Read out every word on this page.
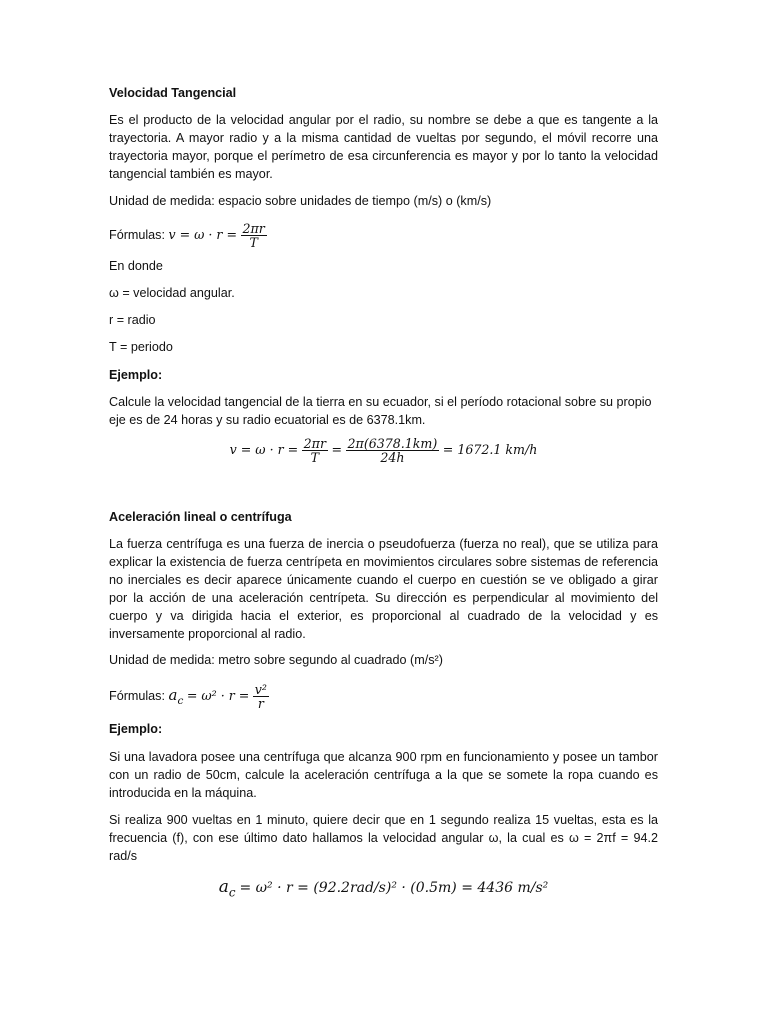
Velocidad Tangencial

Es el producto de la velocidad angular por el radio, su nombre se debe a que es tangente a la trayectoria. A mayor radio y a la misma cantidad de vueltas por segundo, el móvil recorre una trayectoria mayor, porque el perímetro de esa circunferencia es mayor y por lo tanto la velocidad tangencial también es mayor.

Unidad de medida: espacio sobre unidades de tiempo (m/s) o (km/s)

Fórmulas: $v = \omega \cdot r = \frac{2\pi r}{T}$

En donde

ω = velocidad angular.

r = radio

T = periodo

Ejemplo:

Calcule la velocidad tangencial de la tierra en su ecuador, si el período rotacional sobre su propio eje es de 24 horas y su radio ecuatorial es de 6378.1km.

$v = \omega \cdot r = \frac{2\pi r}{T} = \frac{2\pi(6378.1km)}{24h} = 1672.1$ km/h

Aceleración lineal o centrífuga

La fuerza centrífuga es una fuerza de inercia o pseudofuerza (fuerza no real), que se utiliza para explicar la existencia de fuerza centrípeta en movimientos circulares sobre sistemas de referencia no inerciales es decir aparece únicamente cuando el cuerpo en cuestión se ve obligado a girar por la acción de una aceleración centrípeta. Su dirección es perpendicular al movimiento del cuerpo y va dirigida hacia el exterior, es proporcional al cuadrado de la velocidad y es inversamente proporcional al radio.

Unidad de medida: metro sobre segundo al cuadrado (m/s²)

Fórmulas: $a_c = \omega^2 \cdot r = \frac{\text{v²}}{r}$

Ejemplo:

Si una lavadora posee una centrífuga que alcanza 900 rpm en funcionamiento y posee un tambor con un radio de 50cm, calcule la aceleración centrífuga a la que se somete la ropa cuando es introducida en la máquina.

Si realiza 900 vueltas en 1 minuto, quiere decir que en 1 segundo realiza 15 vueltas, esta es la frecuencia (f), con ese último dato hallamos la velocidad angular ω, la cual es ω = 2πf = 94.2 rad/s

$a_c = \omega^2 \cdot r = (92.2rad/s)^2 \cdot (0.5m) = 4436$ m/s²
